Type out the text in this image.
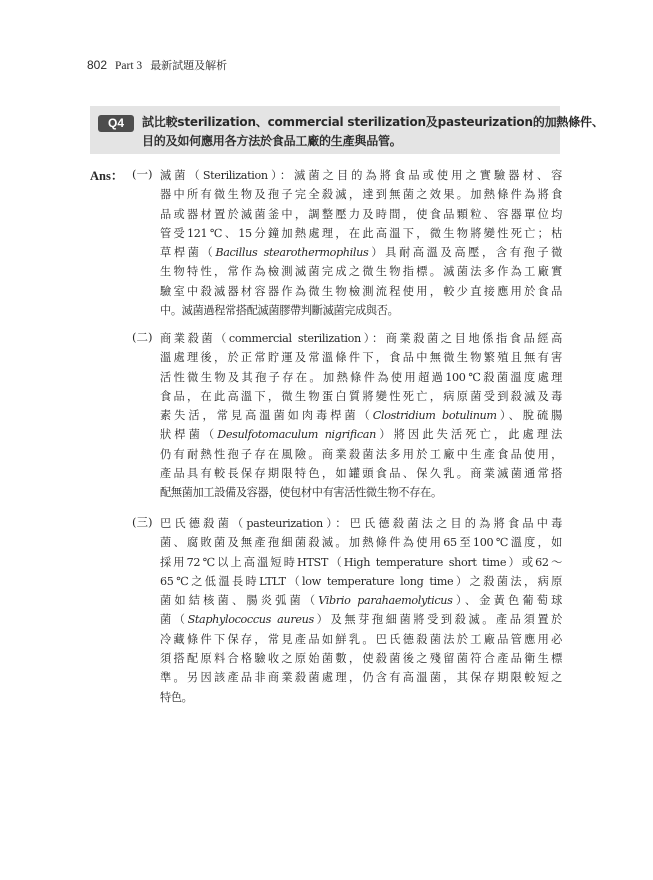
802 Part 3 最新試題及解析
Q4	試比較sterilization、commercial sterilization及pasteurization的加熱條件、
目的及如何應用各方法於食品工廠的生產與品管。
Ans： (一) 滅菌（Sterilization）：滅菌之目的為將食品或使用之實驗器材、容
器中所有微生物及孢子完全殺滅，達到無菌之效果。加熱條件為將食
品或器材置於滅菌釜中，調整壓力及時間，使食品顆粒、容器單位均
管受121℃、15分鐘加熱處理，在此高溫下，微生物將變性死亡；枯
草桿菌（Bacillus stearothermophilus）具耐高溫及高壓，含有孢子微
生物特性，常作為檢測滅菌完成之微生物指標。滅菌法多作為工廠實
驗室中殺滅器材容器作為微生物檢測流程使用，較少直接應用於食品
中。滅菌過程常搭配滅菌膠帶判斷滅菌完成與否。
(二) 商業殺菌（commercial sterilization）：商業殺菌之目地係指食品經高
溫處理後，於正常貯運及常溫條件下，食品中無微生物繁殖且無有害
活性微生物及其孢子存在。加熱條件為使用超過100℃殺菌溫度處理
食品，在此高溫下，微生物蛋白質將變性死亡，病原菌受到殺滅及毒
素失活，常見高溫菌如肉毒桿菌（Clostridium botulinum）、脫硫腸
狀桿菌（Desulfotomaculum nigrifican）將因此失活死亡，此處理法
仍有耐熱性孢子存在風險。商業殺菌法多用於工廠中生產食品使用，
產品具有較長保存期限特色，如罐頭食品、保久乳。商業滅菌通常搭
配無菌加工設備及容器，使包材中有害活性微生物不存在。
(三) 巴氏德殺菌（pasteurization）：巴氏德殺菌法之目的為將食品中毒
菌、腐敗菌及無產孢細菌殺滅。加熱條件為使用65至100℃溫度，如
採用72℃以上高溫短時HTST（High temperature short time）或62～
65℃之低溫長時LTLT（low temperature long time）之殺菌法，病原
菌如結核菌、腸炎弧菌（Vibrio parahaemolyticus）、金黃色葡萄球
菌（Staphylococcus aureus）及無芽孢細菌將受到殺滅。產品須置於
冷藏條件下保存，常見產品如鮮乳。巴氏德殺菌法於工廠品管應用必
須搭配原料合格驗收之原始菌數，使殺菌後之殘留菌符合產品衛生標
準。另因該產品非商業殺菌處理，仍含有高溫菌，其保存期限較短之
特色。
